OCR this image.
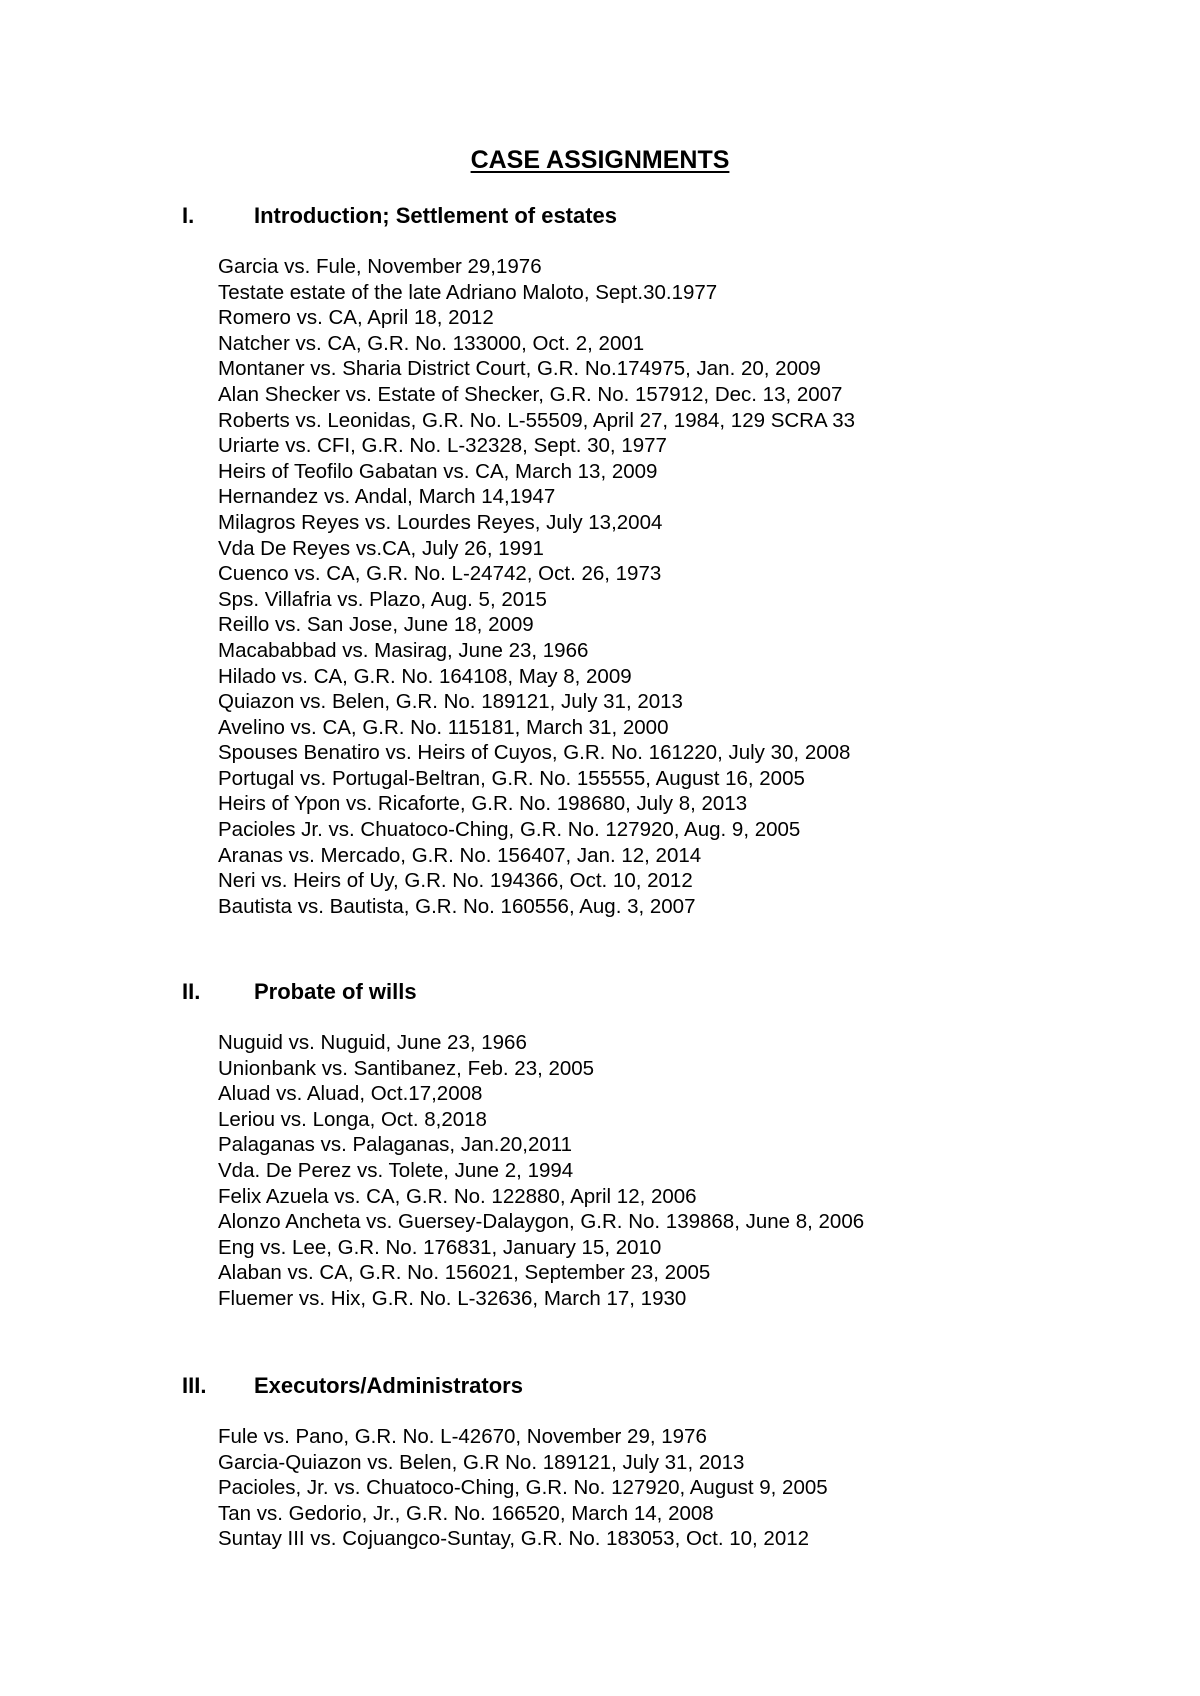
CASE ASSIGNMENTS
I.	Introduction; Settlement of estates
Garcia vs. Fule, November 29,1976
Testate estate of the late Adriano Maloto, Sept.30.1977
Romero vs. CA, April 18, 2012
Natcher vs. CA, G.R. No. 133000, Oct. 2, 2001
Montaner vs. Sharia District Court, G.R. No.174975, Jan. 20, 2009
Alan Shecker vs. Estate of Shecker, G.R. No. 157912, Dec. 13, 2007
Roberts vs. Leonidas, G.R. No. L-55509, April 27, 1984, 129 SCRA 33
Uriarte vs. CFI, G.R. No. L-32328, Sept. 30, 1977
Heirs of Teofilo Gabatan vs. CA, March 13, 2009
Hernandez vs. Andal, March 14,1947
Milagros Reyes vs. Lourdes Reyes, July 13,2004
Vda De Reyes vs.CA, July 26, 1991
Cuenco vs. CA, G.R. No. L-24742, Oct. 26, 1973
Sps. Villafria vs. Plazo, Aug. 5, 2015
Reillo vs. San Jose, June 18, 2009
Macababbad vs. Masirag, June 23, 1966
Hilado vs. CA, G.R. No. 164108, May 8, 2009
Quiazon vs. Belen, G.R. No. 189121, July 31, 2013
Avelino vs. CA, G.R. No. 115181, March 31, 2000
Spouses Benatiro vs. Heirs of Cuyos, G.R. No. 161220, July 30, 2008
Portugal vs. Portugal-Beltran, G.R. No. 155555, August 16, 2005
Heirs of Ypon vs. Ricaforte, G.R. No. 198680, July 8, 2013
Pacioles Jr. vs. Chuatoco-Ching, G.R. No. 127920, Aug. 9, 2005
Aranas vs. Mercado, G.R. No. 156407, Jan. 12, 2014
Neri vs. Heirs of Uy, G.R. No. 194366, Oct. 10, 2012
Bautista vs. Bautista, G.R. No. 160556, Aug. 3, 2007
II. Probate of wills
Nuguid vs. Nuguid, June 23, 1966
Unionbank vs. Santibanez, Feb. 23, 2005
Aluad vs. Aluad, Oct.17,2008
Leriou vs. Longa, Oct. 8,2018
Palaganas vs. Palaganas, Jan.20,2011
Vda. De Perez vs. Tolete, June 2, 1994
Felix Azuela vs. CA, G.R. No. 122880, April 12, 2006
Alonzo Ancheta vs. Guersey-Dalaygon, G.R. No. 139868, June 8, 2006
Eng vs. Lee, G.R. No. 176831, January 15, 2010
Alaban vs. CA, G.R. No. 156021, September 23, 2005
Fluemer vs. Hix, G.R. No. L-32636, March 17, 1930
III. Executors/Administrators
Fule vs. Pano, G.R. No. L-42670, November 29, 1976
Garcia-Quiazon vs. Belen, G.R No. 189121, July 31, 2013
Pacioles, Jr. vs. Chuatoco-Ching, G.R. No. 127920, August 9, 2005
Tan vs. Gedorio, Jr., G.R. No. 166520, March 14, 2008
Suntay III vs. Cojuangco-Suntay, G.R. No. 183053, Oct. 10, 2012
